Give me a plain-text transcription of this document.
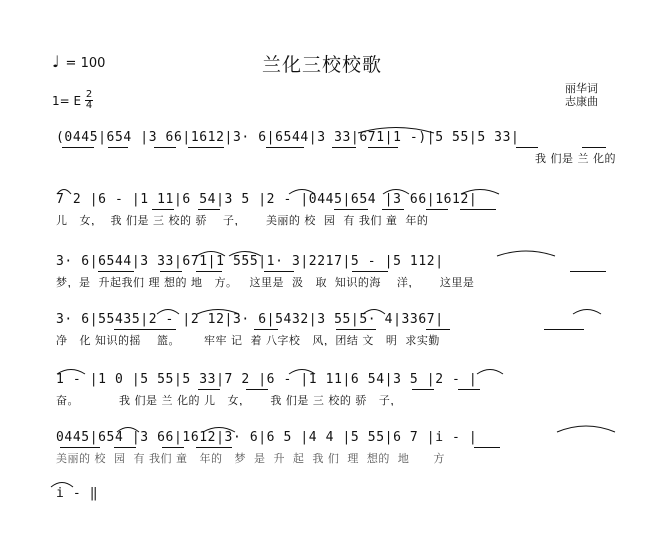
兰化三校校歌
♩ = 100
1= E $\frac{2}{4}$
丽华词
志康曲
(0445|654 |3 66|1612|3· 6|6544|3 33|671|1 -)|5 55|5 33|
我 们是 兰 化的
7 2 |6 - |1 11|6 54|3 5 |2 - |0445|654 |3 66|1612|
儿   女，  我 们是 三 校的 骄    子，     美丽的 校  园  有 我们 童  年的
3· 6|6544|3 33|671|1 555|1· 3|2217|5 - |5 112|
梦，是  升起我们 理 想的 地   方。   这里是  汲   取  知识的海    洋，     这里是
3· 6|55435|2 - |2 12|3· 6|5432|3 55|5· 4|3367|
净   化 知识的摇    篮。      牢牢 记  着 八字校   风，团结 文   明  求实勤
1 - |1 0 |5 55|5 33|7 2 |6 - |1 11|6 54|3 5 |2 - |
奋。          我 们是 兰 化的 儿   女，     我 们是 三 校的 骄   子，
0445|654 |3 66|1612|3· 6|6 5 |4 4 |5 55|6 7 |i - |
美丽的 校  园  有 我们 童   年的   梦  是  升  起  我 们  理  想的  地      方
i - ‖
